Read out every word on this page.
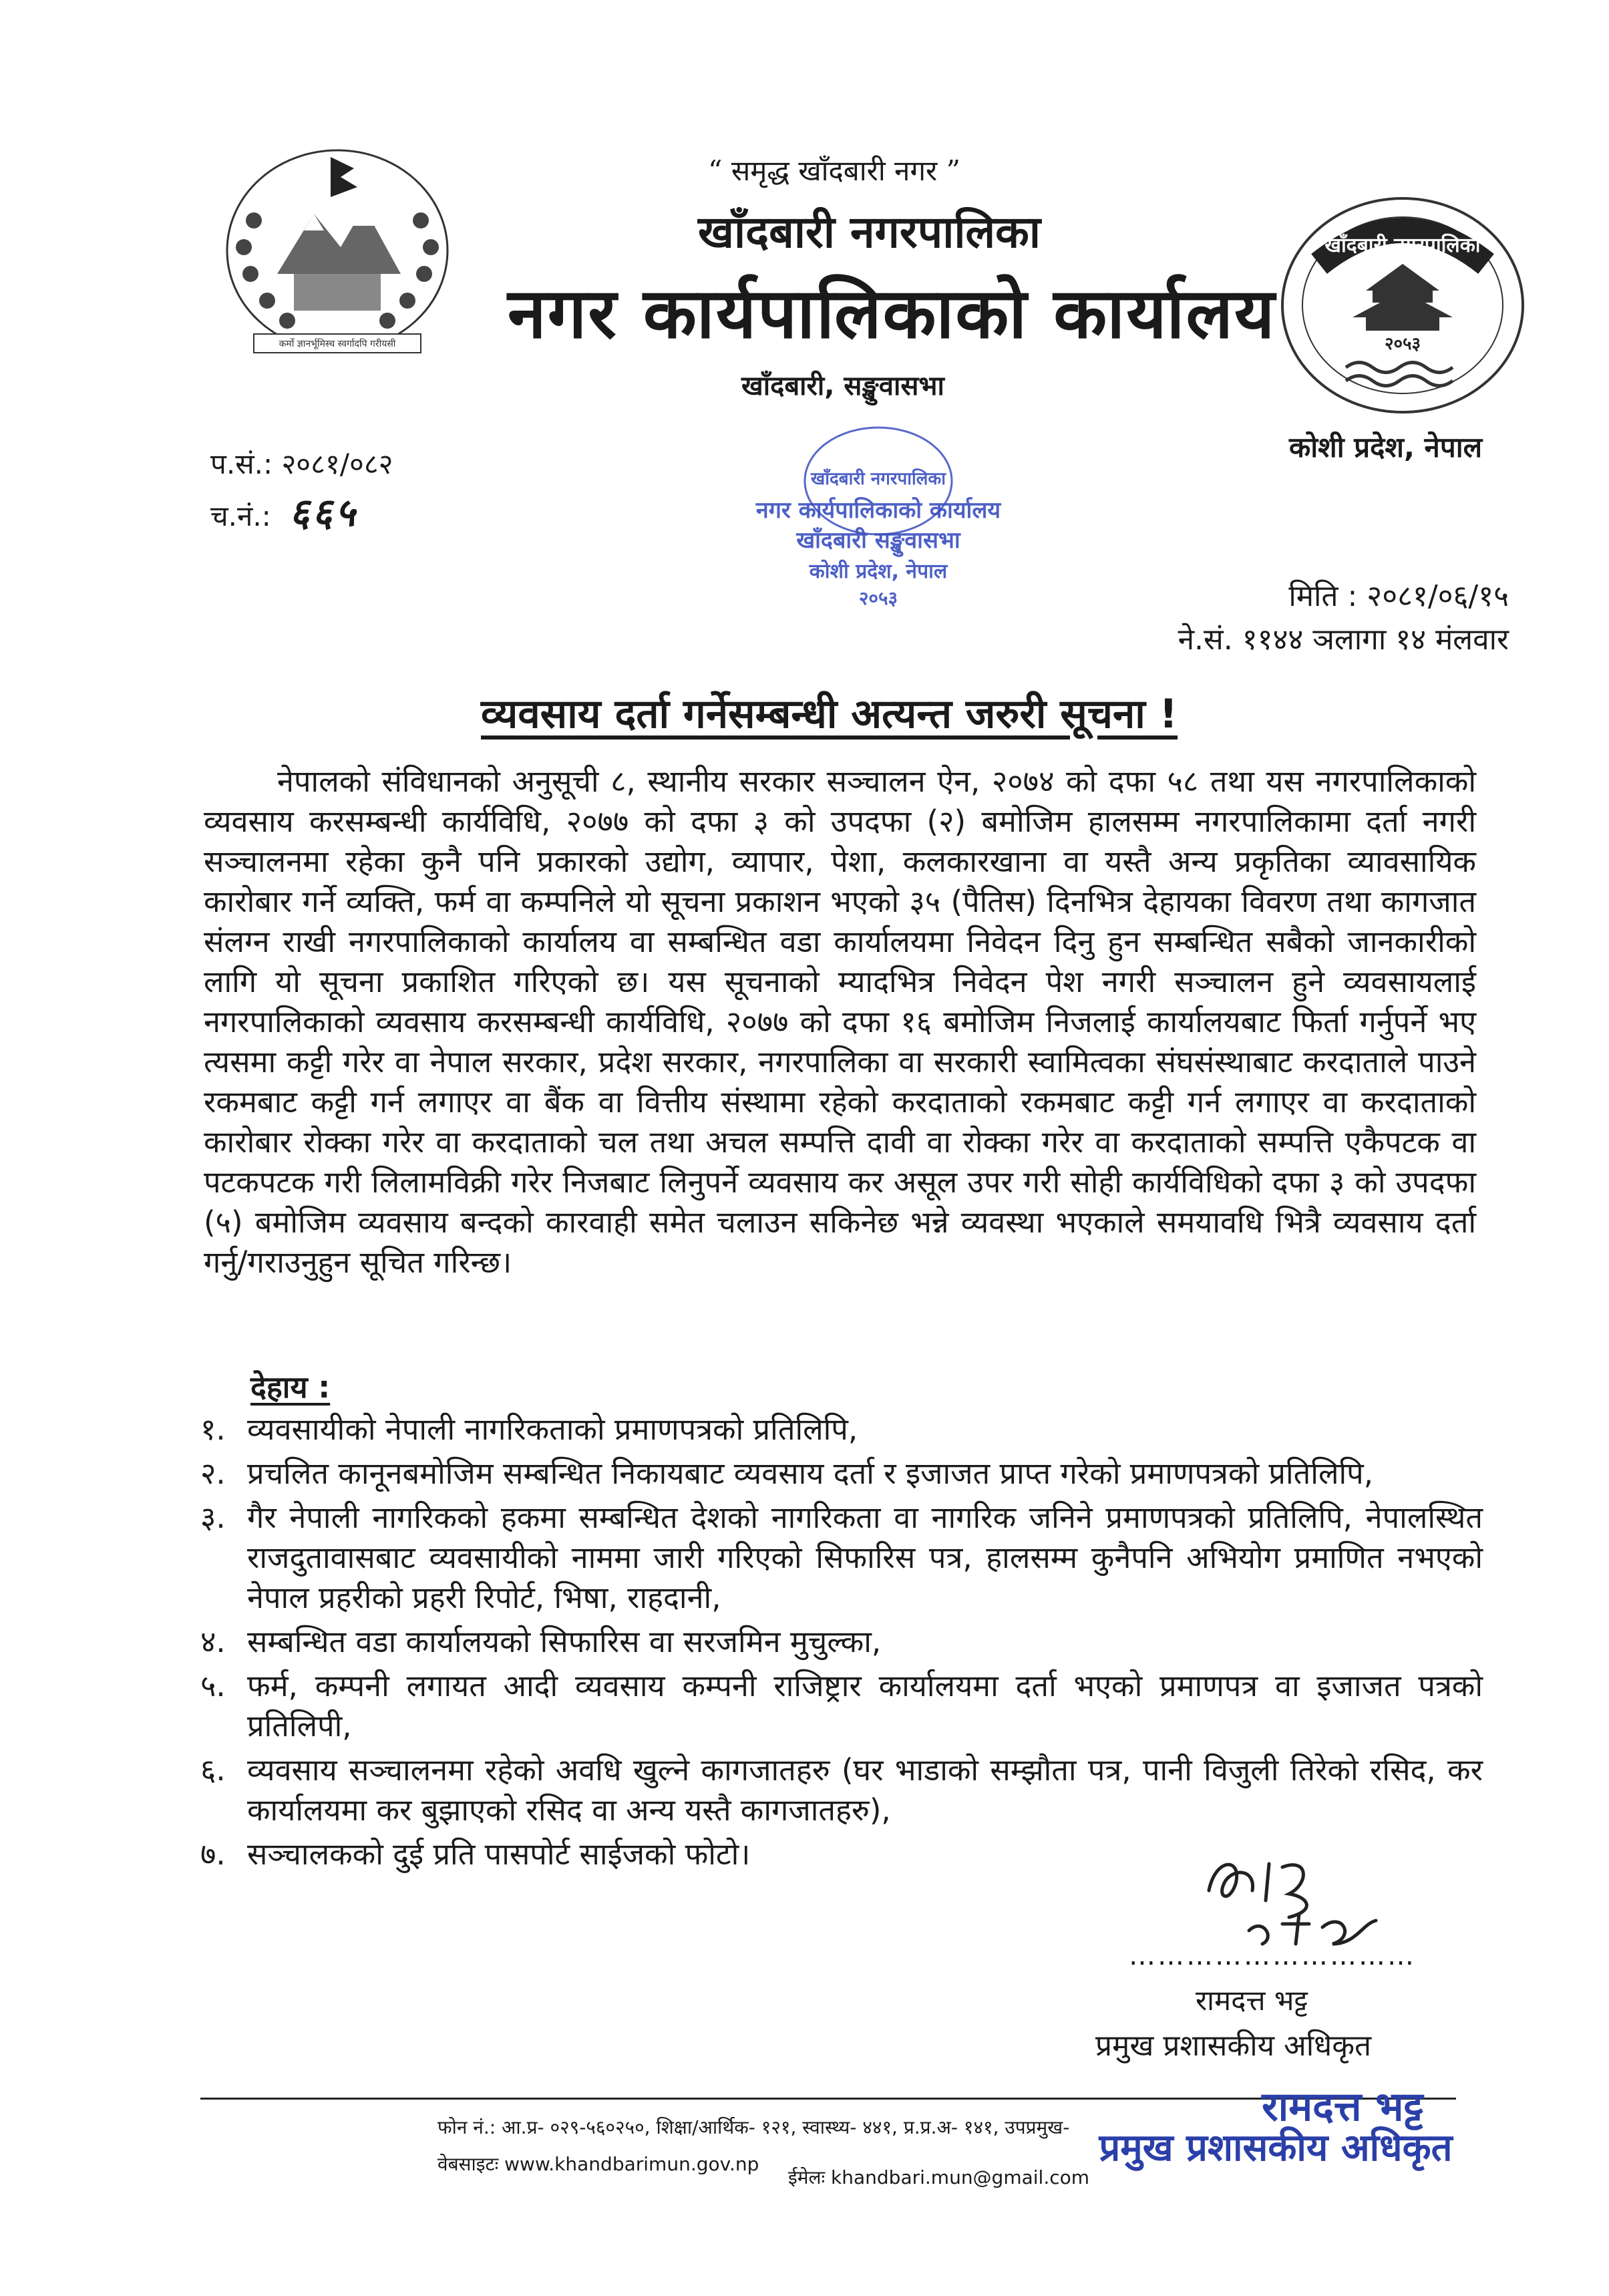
कर्मो ज्ञानर्भूमिस्च स्वर्गादपि गरीयसी
“ समृद्ध खाँदबारी नगर ”
खाँदबारी नगरपालिका
नगर कार्यपालिकाको कार्यालय
खाँदबारी, सङ्खुवासभा
खाँदबारी नगरपालिका
२०५३
कोशी प्रदेश, नेपाल
खाँदबारी नगरपालिका
नगर कार्यपालिकाको कार्यालय
खाँदबारी सङ्खुवासभा
कोशी प्रदेश, नेपाल
२०५३
प.सं.: २०८१/०८२
च.नं.: ६६५
मिति : २०८१/०६/१५
ने.सं. ११४४ ञलागा १४ मंलवार
व्यवसाय दर्ता गर्नेसम्बन्धी अत्यन्त जरुरी सूचना !
नेपालको संविधानको अनुसूची ८, स्थानीय सरकार सञ्चालन ऐन, २०७४ को दफा ५८ तथा यस नगरपालिकाको व्यवसाय करसम्बन्धी कार्यविधि, २०७७ को दफा ३ को उपदफा (२) बमोजिम हालसम्म नगरपालिकामा दर्ता नगरी सञ्चालनमा रहेका कुनै पनि प्रकारको उद्योग, व्यापार, पेशा, कलकारखाना वा यस्तै अन्य प्रकृतिका व्यावसायिक कारोबार गर्ने व्यक्ति, फर्म वा कम्पनिले यो सूचना प्रकाशन भएको ३५ (पैतिस) दिनभित्र देहायका विवरण तथा कागजात संलग्न राखी नगरपालिकाको कार्यालय वा सम्बन्धित वडा कार्यालयमा निवेदन दिनु हुन सम्बन्धित सबैको जानकारीको लागि यो सूचना प्रकाशित गरिएको छ। यस सूचनाको म्यादभित्र निवेदन पेश नगरी सञ्चालन हुने व्यवसायलाई नगरपालिकाको व्यवसाय करसम्बन्धी कार्यविधि, २०७७ को दफा १६ बमोजिम निजलाई कार्यालयबाट फिर्ता गर्नुपर्ने भए त्यसमा कट्टी गरेर वा नेपाल सरकार, प्रदेश सरकार, नगरपालिका वा सरकारी स्वामित्वका संघसंस्थाबाट करदाताले पाउने रकमबाट कट्टी गर्न लगाएर वा बैंक वा वित्तीय संस्थामा रहेको करदाताको रकमबाट कट्टी गर्न लगाएर वा करदाताको कारोबार रोक्का गरेर वा करदाताको चल तथा अचल सम्पत्ति दावी वा रोक्का गरेर वा करदाताको सम्पत्ति एकैपटक वा पटकपटक गरी लिलामविक्री गरेर निजबाट लिनुपर्ने व्यवसाय कर असूल उपर गरी सोही कार्यविधिको दफा ३ को उपदफा (५) बमोजिम व्यवसाय बन्दको कारवाही समेत चलाउन सकिनेछ भन्ने व्यवस्था भएकाले समयावधि भित्रै व्यवसाय दर्ता गर्नु/गराउनुहुन सूचित गरिन्छ।
देहाय :
१. व्यवसायीको नेपाली नागरिकताको प्रमाणपत्रको प्रतिलिपि,
२. प्रचलित कानूनबमोजिम सम्बन्धित निकायबाट व्यवसाय दर्ता र इजाजत प्राप्त गरेको प्रमाणपत्रको प्रतिलिपि,
३. गैर नेपाली नागरिकको हकमा सम्बन्धित देशको नागरिकता वा नागरिक जनिने प्रमाणपत्रको प्रतिलिपि, नेपालस्थित राजदुतावासबाट व्यवसायीको नाममा जारी गरिएको सिफारिस पत्र, हालसम्म कुनैपनि अभियोग प्रमाणित नभएको नेपाल प्रहरीको प्रहरी रिपोर्ट, भिषा, राहदानी,
४. सम्बन्धित वडा कार्यालयको सिफारिस वा सरजमिन मुचुल्का,
५. फर्म, कम्पनी लगायत आदी व्यवसाय कम्पनी राजिष्ट्रार कार्यालयमा दर्ता भएको प्रमाणपत्र वा इजाजत पत्रको प्रतिलिपी,
६. व्यवसाय सञ्चालनमा रहेको अवधि खुल्ने कागजातहरु (घर भाडाको सम्झौता पत्र, पानी विजुली तिरेको रसिद, कर कार्यालयमा कर बुझाएको रसिद वा अन्य यस्तै कागजातहरु),
७. सञ्चालकको दुई प्रति पासपोर्ट साईजको फोटो।
…………………………
रामदत्त भट्ट
प्रमुख प्रशासकीय अधिकृत
फोन नं.: आ.प्र- ०२९-५६०२५०, शिक्षा/आर्थिक- १२१, स्वास्थ्य- ४४१, प्र.प्र.अ- १४१, उपप्रमुख-
वेबसाइटः www.khandbarimun.gov.np
ईमेलः khandbari.mun@gmail.com
रामदत्त भट्ट
प्रमुख प्रशासकीय अधिकृत
